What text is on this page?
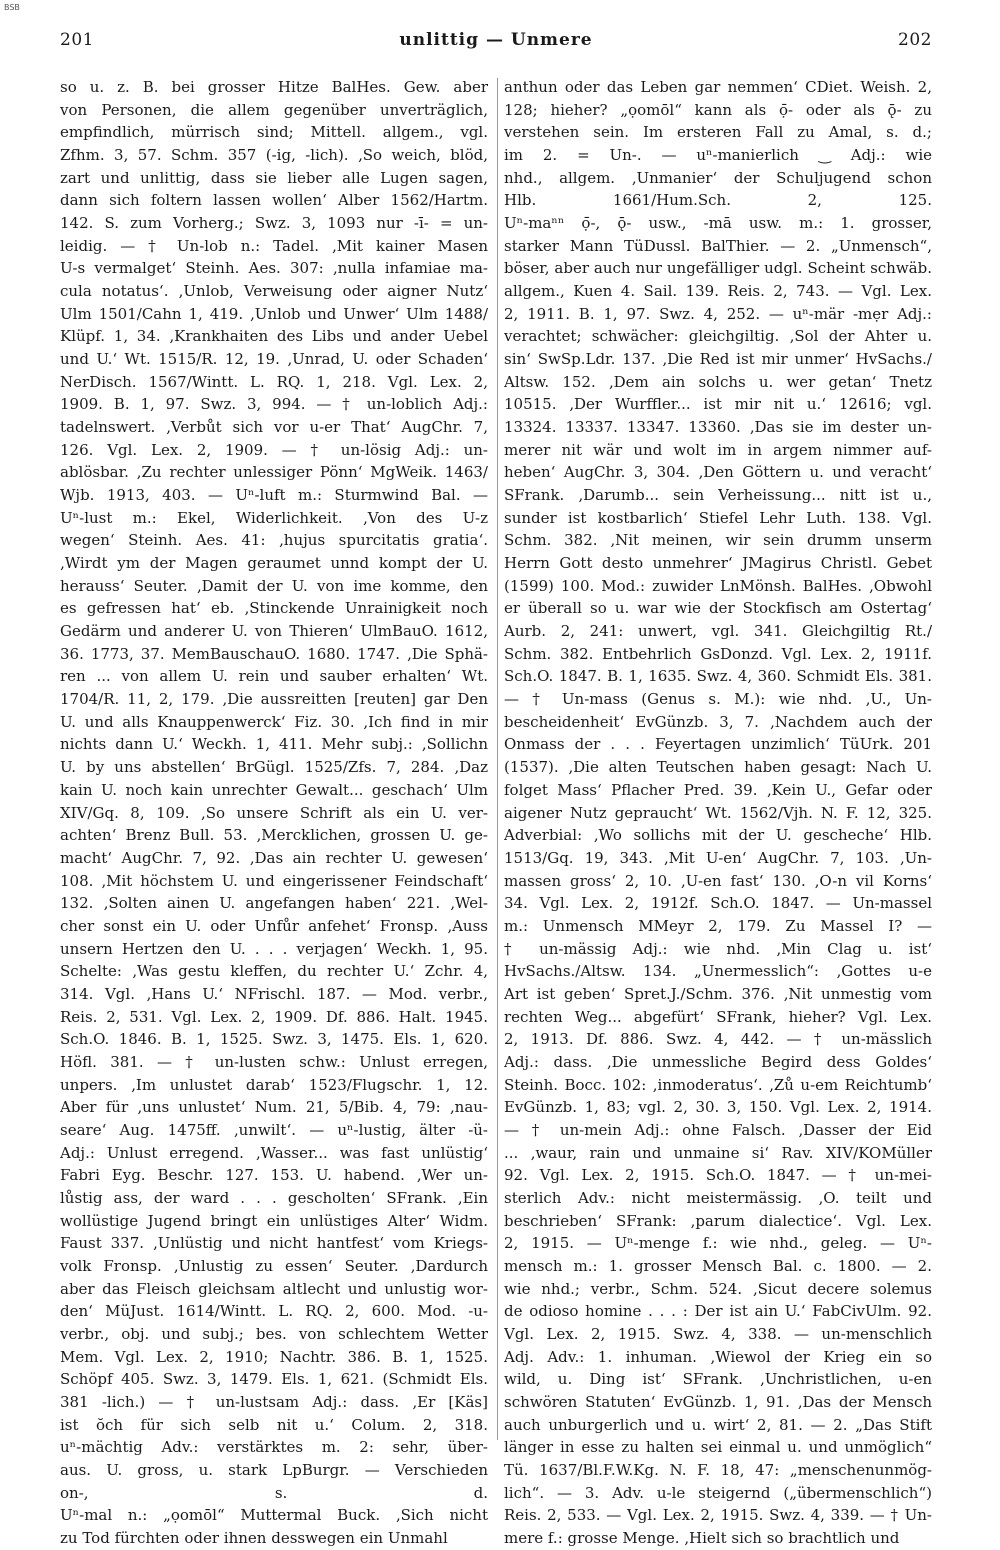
BSB
201	unlittig — Unmere	202
so u. z. B. bei grosser Hitze BalHes. Gew. aber
von Personen, die allem gegenüber unverträglich,
empfindlich, mürrisch sind; Mittell. allgem., vgl.
Zfhm. 3, 57. Schm. 357 (-ig, -lich). ‚So weich, blöd,
zart und unlittig, dass sie lieber alle Lugen sagen,
dann sich foltern lassen wollen‘ Alber 1562/Hartm.
142. S. zum Vorherg.; Swz. 3, 1093 nur -ī- = un-
leidig. — † Un-lob n.: Tadel. ‚Mit kainer Masen
U-s vermalget‘ Steinh. Aes. 307: ‚nulla infamiae ma-
cula notatus‘. ‚Unlob, Verweisung oder aigner Nutz‘
Ulm 1501/Cahn 1, 419. ‚Unlob und Unwer‘ Ulm 1488/
Klüpf. 1, 34. ‚Krankhaiten des Libs und ander Uebel
und U.‘ Wt. 1515/R. 12, 19. ‚Unrad, U. oder Schaden‘
NerDisch. 1567/Wintt. L. RQ. 1, 218. Vgl. Lex. 2,
1909. B. 1, 97. Swz. 3, 994. — † un-loblich Adj.:
tadelnswert. ‚Verbůt sich vor u-er That‘ AugChr. 7,
126. Vgl. Lex. 2, 1909. — † un-lösig Adj.: un-
ablösbar. ‚Zu rechter unlessiger Pönn‘ MgWeik. 1463/
Wjb. 1913, 403. — Uⁿ-luft m.: Sturmwind Bal. —
Uⁿ-lust m.: Ekel, Widerlichkeit. ‚Von des U-z
wegen‘ Steinh. Aes. 41: ‚hujus spurcitatis gratia‘.
‚Wirdt ym der Magen geraumet unnd kompt der U.
herauss‘ Seuter. ‚Damit der U. von ime komme, den
es gefressen hat‘ eb. ‚Stinckende Unrainigkeit noch
Gedärm und anderer U. von Thieren‘ UlmBauO. 1612,
36. 1773, 37. MemBauschauO. 1680. 1747. ‚Die Sphä-
ren ... von allem U. rein und sauber erhalten‘ Wt.
1704/R. 11, 2, 179. ‚Die aussreitten [reuten] gar Den
U. und alls Knauppenwerck‘ Fiz. 30. ‚Ich find in mir
nichts dann U.‘ Weckh. 1, 411. Mehr subj.: ‚Sollichn
U. by uns abstellen‘ BrGügl. 1525/Zfs. 7, 284. ‚Daz
kain U. noch kain unrechter Gewalt... geschach‘ Ulm
XIV/Gq. 8, 109. ‚So unsere Schrift als ein U. ver-
achten‘ Brenz Bull. 53. ‚Mercklichen, grossen U. ge-
macht‘ AugChr. 7, 92. ‚Das ain rechter U. gewesen‘
108. ‚Mit höchstem U. und eingerissener Feindschaft‘
132. ‚Solten ainen U. angefangen haben‘ 221. ‚Wel-
cher sonst ein U. oder Unfůr anfehet‘ Fronsp. ‚Auss
unsern Hertzen den U. . . . verjagen‘ Weckh. 1, 95.
Schelte: ‚Was gestu kleffen, du rechter U.‘ Zchr. 4,
314. Vgl. ‚Hans U.‘ NFrischl. 187. — Mod. verbr.,
Reis. 2, 531. Vgl. Lex. 2, 1909. Df. 886. Halt. 1945.
Sch.O. 1846. B. 1, 1525. Swz. 3, 1475. Els. 1, 620.
Höfl. 381. — † un-lusten schw.: Unlust erregen,
unpers. ‚Im unlustet darab‘ 1523/Flugschr. 1, 12.
Aber für ‚uns unlustet‘ Num. 21, 5/Bib. 4, 79: ‚nau-
seare‘ Aug. 1475ff. ‚unwilt‘. — uⁿ-lustig, älter -ü-
Adj.: Unlust erregend. ‚Wasser... was fast unlüstig‘
Fabri Eyg. Beschr. 127. 153. U. habend. ‚Wer un-
lůstig ass, der ward . . . gescholten‘ SFrank. ‚Ein
wollüstige Jugend bringt ein unlüstiges Alter‘ Widm.
Faust 337. ‚Unlüstig und nicht hantfest‘ vom Kriegs-
volk Fronsp. ‚Unlustig zu essen‘ Seuter. ‚Dardurch
aber das Fleisch gleichsam altlecht und unlustig wor-
den‘ MüJust. 1614/Wintt. L. RQ. 2, 600. Mod. -u-
verbr., obj. und subj.; bes. von schlechtem Wetter
Mem. Vgl. Lex. 2, 1910; Nachtr. 386. B. 1, 1525.
Schöpf 405. Swz. 3, 1479. Els. 1, 621. (Schmidt Els.
381 -lich.) — † un-lustsam Adj.: dass. ‚Er [Käs]
ist ŏch für sich selb nit u.‘ Colum. 2, 318.
uⁿ-mächtig Adv.: verstärktes m. 2: sehr, über-
aus. U. gross, u. stark LpBurgr. — Verschieden
on-, s. d.
Uⁿ-mal n.: „ọomōl“ Muttermal Buck. ‚Sich nicht
zu Tod fürchten oder ihnen desswegen ein Unmahl
anthun oder das Leben gar nemmen‘ CDiet. Weish. 2,
128; hieher? „ọomōl“ kann als ọ̄- oder als ǭ- zu
verstehen sein. Im ersteren Fall zu Amal, s. d.;
im 2. = Un-. — uⁿ-manierlich ‿ Adj.: wie
nhd., allgem. ‚Unmanier‘ der Schuljugend schon
Hlb. 1661/Hum.Sch. 2, 125.
Uⁿ-maⁿⁿ ọ̄-, ǭ- usw., -mā usw. m.: 1. grosser,
starker Mann TüDussl. BalThier. — 2. „Unmensch“,
böser, aber auch nur ungefälliger udgl. Scheint schwäb.
allgem., Kuen 4. Sail. 139. Reis. 2, 743. — Vgl. Lex.
2, 1911. B. 1, 97. Swz. 4, 252. — uⁿ-mär -mẹr Adj.:
verachtet; schwächer: gleichgiltig. ‚Sol der Ahter u.
sin‘ SwSp.Ldr. 137. ‚Die Red ist mir unmer‘ HvSachs./
Altsw. 152. ‚Dem ain solchs u. wer getan‘ Tnetz
10515. ‚Der Wurffler... ist mir nit u.‘ 12616; vgl.
13324. 13337. 13347. 13360. ‚Das sie im dester un-
merer nit wär und wolt im in argem nimmer auf-
heben‘ AugChr. 3, 304. ‚Den Göttern u. und veracht‘
SFrank. ‚Darumb... sein Verheissung... nitt ist u.,
sunder ist kostbarlich‘ Stiefel Lehr Luth. 138. Vgl.
Schm. 382. ‚Nit meinen, wir sein drumm unserm
Herrn Gott desto unmehrer‘ JMagirus Christl. Gebet
(1599) 100. Mod.: zuwider LnMönsh. BalHes. ‚Obwohl
er überall so u. war wie der Stockfisch am Ostertag‘
Aurb. 2, 241: unwert, vgl. 341. Gleichgiltig Rt./
Schm. 382. Entbehrlich GsDonzd. Vgl. Lex. 2, 1911f.
Sch.O. 1847. B. 1, 1635. Swz. 4, 360. Schmidt Els. 381.
— † Un-mass (Genus s. M.): wie nhd. ‚U., Un-
bescheidenheit‘ EvGünzb. 3, 7. ‚Nachdem auch der
Onmass der . . . Feyertagen unzimlich‘ TüUrk. 201
(1537). ‚Die alten Teutschen haben gesagt: Nach U.
folget Mass‘ Pflacher Pred. 39. ‚Kein U., Gefar oder
aigener Nutz gepraucht‘ Wt. 1562/Vjh. N. F. 12, 325.
Adverbial: ‚Wo sollichs mit der U. gescheche‘ Hlb.
1513/Gq. 19, 343. ‚Mit U-en‘ AugChr. 7, 103. ‚Un-
massen gross‘ 2, 10. ‚U-en fast‘ 130. ‚O-n vil Korns‘
34. Vgl. Lex. 2, 1912f. Sch.O. 1847. — Un-massel
m.: Unmensch MMeyr 2, 179. Zu Massel I? —
† un-mässig Adj.: wie nhd. ‚Min Clag u. ist‘
HvSachs./Altsw. 134. „Unermesslich“: ‚Gottes u-e
Art ist geben‘ Spret.J./Schm. 376. ‚Nit unmestig vom
rechten Weg... abgefürt‘ SFrank, hieher? Vgl. Lex.
2, 1913. Df. 886. Swz. 4, 442. — † un-mässlich
Adj.: dass. ‚Die unmessliche Begird dess Goldes‘
Steinh. Bocc. 102: ‚inmoderatus‘. ‚Zů u-em Reichtumb‘
EvGünzb. 1, 83; vgl. 2, 30. 3, 150. Vgl. Lex. 2, 1914.
— † un-mein Adj.: ohne Falsch. ‚Dasser der Eid
... ‚waur, rain und unmaine si‘ Rav. XIV/KOMüller
92. Vgl. Lex. 2, 1915. Sch.O. 1847. — † un-mei-
sterlich Adv.: nicht meistermässig. ‚O. teilt und
beschrieben‘ SFrank: ‚parum dialectice‘. Vgl. Lex.
2, 1915. — Uⁿ-menge f.: wie nhd., geleg. — Uⁿ-
mensch m.: 1. grosser Mensch Bal. c. 1800. — 2.
wie nhd.; verbr., Schm. 524. ‚Sicut decere solemus
de odioso homine . . . : Der ist ain U.‘ FabCivUlm. 92.
Vgl. Lex. 2, 1915. Swz. 4, 338. — un-menschlich
Adj. Adv.: 1. inhuman. ‚Wiewol der Krieg ein so
wild, u. Ding ist‘ SFrank. ‚Unchristlichen, u-en
schwören Statuten‘ EvGünzb. 1, 91. ‚Das der Mensch
auch unburgerlich und u. wirt‘ 2, 81. — 2. „Das Stift
länger in esse zu halten sei einmal u. und unmöglich“
Tü. 1637/Bl.F.W.Kg. N. F. 18, 47: „menschenunmög-
lich“. — 3. Adv. u-le steigernd („übermenschlich“)
Reis. 2, 533. — Vgl. Lex. 2, 1915. Swz. 4, 339. — † Un-
mere f.: grosse Menge. ‚Hielt sich so brachtlich und
